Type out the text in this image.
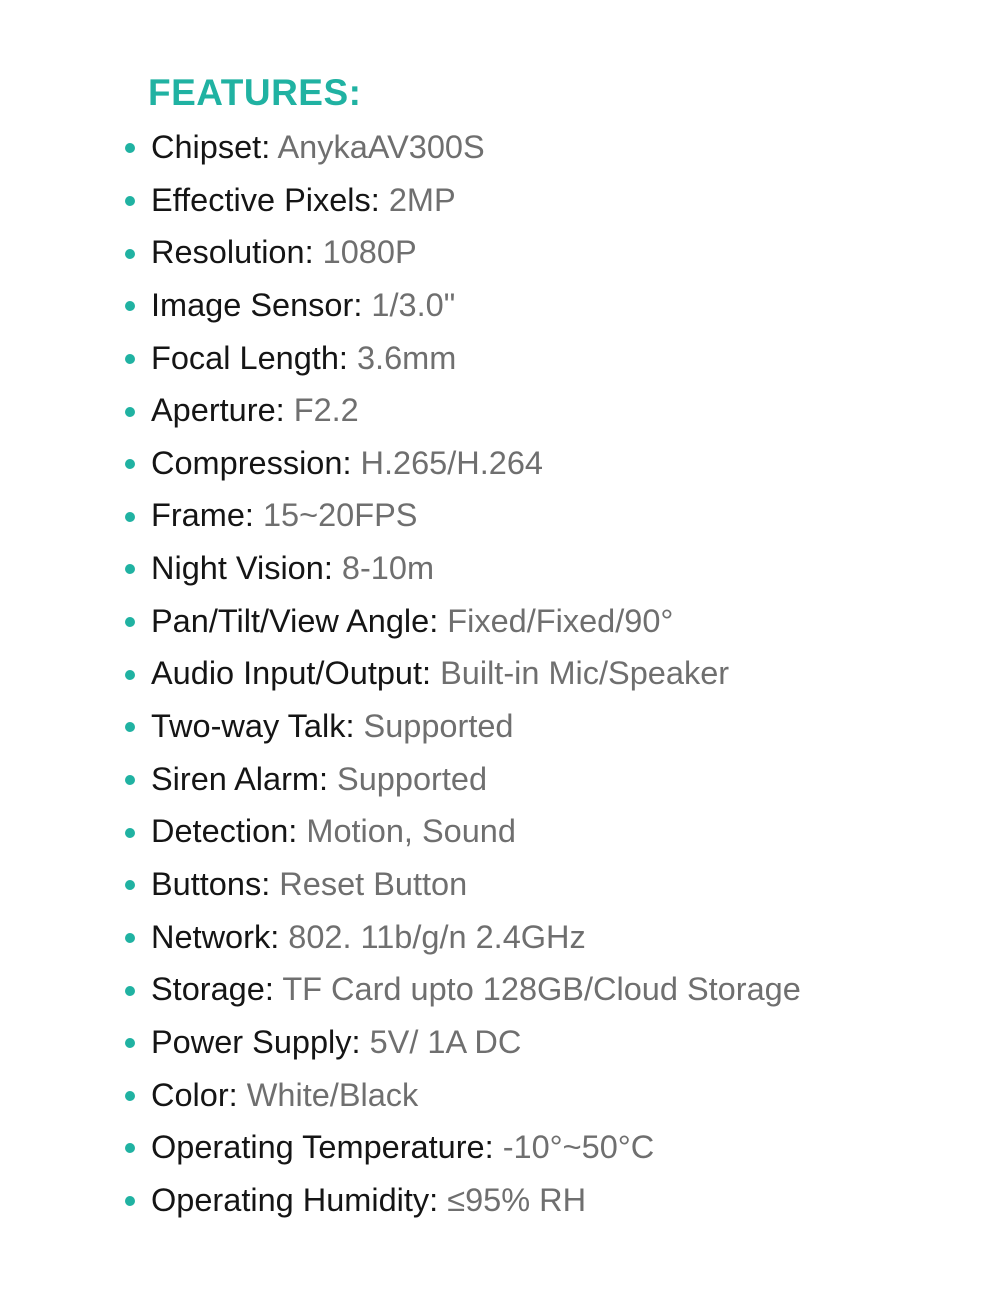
FEATURES:
Chipset: AnykaAV300S
Effective Pixels: 2MP
Resolution: 1080P
Image Sensor: 1/3.0"
Focal Length: 3.6mm
Aperture: F2.2
Compression: H.265/H.264
Frame: 15~20FPS
Night Vision: 8-10m
Pan/Tilt/View Angle: Fixed/Fixed/90°
Audio Input/Output: Built-in Mic/Speaker
Two-way Talk: Supported
Siren Alarm: Supported
Detection: Motion, Sound
Buttons: Reset Button
Network: 802. 11b/g/n 2.4GHz
Storage: TF Card upto 128GB/Cloud Storage
Power Supply: 5V/ 1A DC
Color: White/Black
Operating Temperature: -10°~50°C
Operating Humidity: ≤95% RH
